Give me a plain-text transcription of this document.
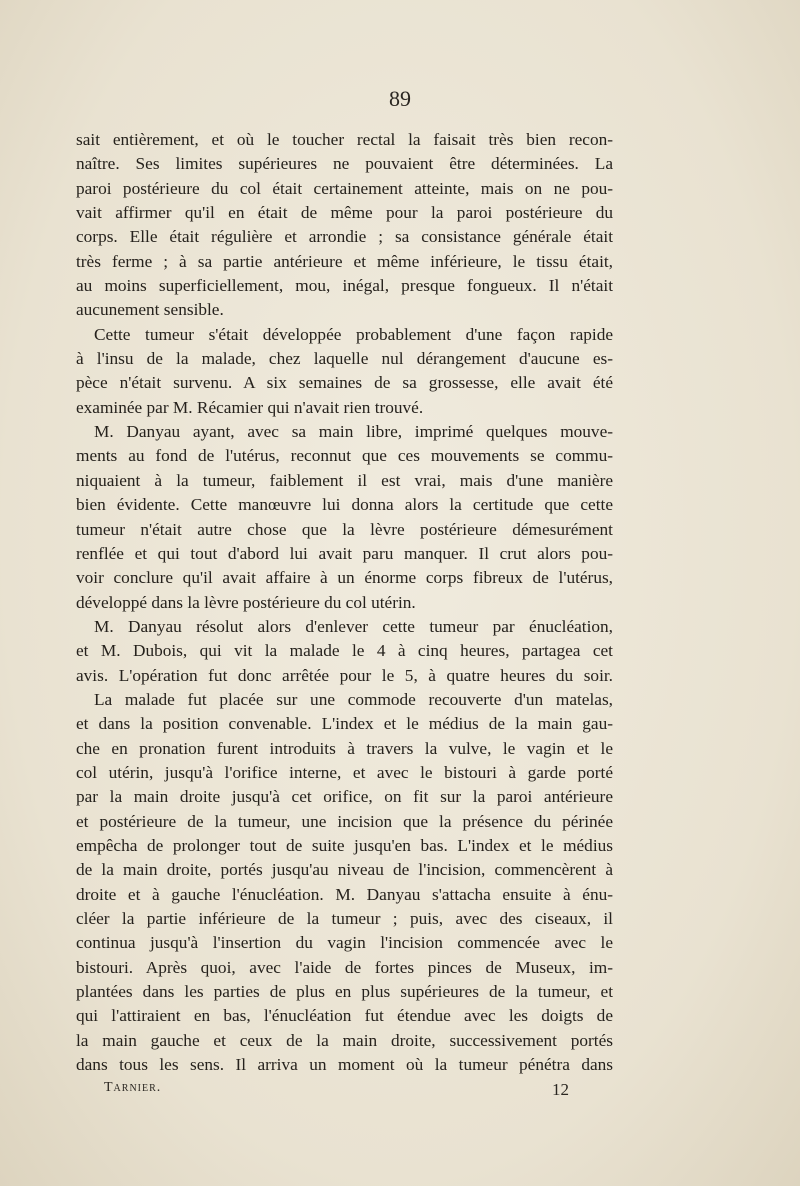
89

sait entièrement, et où le toucher rectal la faisait très bien recon-

naître. Ses limites supérieures ne pouvaient être déterminées. La

paroi postérieure du col était certainement atteinte, mais on ne pou-

vait affirmer qu'il en était de même pour la paroi postérieure du

corps. Elle était régulière et arrondie ; sa consistance générale était

très ferme ; à sa partie antérieure et même inférieure, le tissu était,

au moins superficiellement, mou, inégal, presque fongueux. Il n'était

aucunement sensible.

Cette tumeur s'était développée probablement d'une façon rapide

à l'insu de la malade, chez laquelle nul dérangement d'aucune es-

pèce n'était survenu. A six semaines de sa grossesse, elle avait été

examinée par M. Récamier qui n'avait rien trouvé.

M. Danyau ayant, avec sa main libre, imprimé quelques mouve-

ments au fond de l'utérus, reconnut que ces mouvements se commu-

niquaient à la tumeur, faiblement il est vrai, mais d'une manière

bien évidente. Cette manœuvre lui donna alors la certitude que cette

tumeur n'était autre chose que la lèvre postérieure démesurément

renflée et qui tout d'abord lui avait paru manquer. Il crut alors pou-

voir conclure qu'il avait affaire à un énorme corps fibreux de l'utérus,

développé dans la lèvre postérieure du col utérin.

M. Danyau résolut alors d'enlever cette tumeur par énucléation,

et M. Dubois, qui vit la malade le 4 à cinq heures, partagea cet

avis. L'opération fut donc arrêtée pour le 5, à quatre heures du soir.

La malade fut placée sur une commode recouverte d'un matelas,

et dans la position convenable. L'index et le médius de la main gau-

che en pronation furent introduits à travers la vulve, le vagin et le

col utérin, jusqu'à l'orifice interne, et avec le bistouri à garde porté

par la main droite jusqu'à cet orifice, on fit sur la paroi antérieure

et postérieure de la tumeur, une incision que la présence du périnée

empêcha de prolonger tout de suite jusqu'en bas. L'index et le médius

de la main droite, portés jusqu'au niveau de l'incision, commencèrent à

droite et à gauche l'énucléation. M. Danyau s'attacha ensuite à énu-

cléer la partie inférieure de la tumeur ; puis, avec des ciseaux, il

continua jusqu'à l'insertion du vagin l'incision commencée avec le

bistouri. Après quoi, avec l'aide de fortes pinces de Museux, im-

plantées dans les parties de plus en plus supérieures de la tumeur, et

qui l'attiraient en bas, l'énucléation fut étendue avec les doigts de

la main gauche et ceux de la main droite, successivement portés

dans tous les sens. Il arriva un moment où la tumeur pénétra dans

Tarnier.	12
